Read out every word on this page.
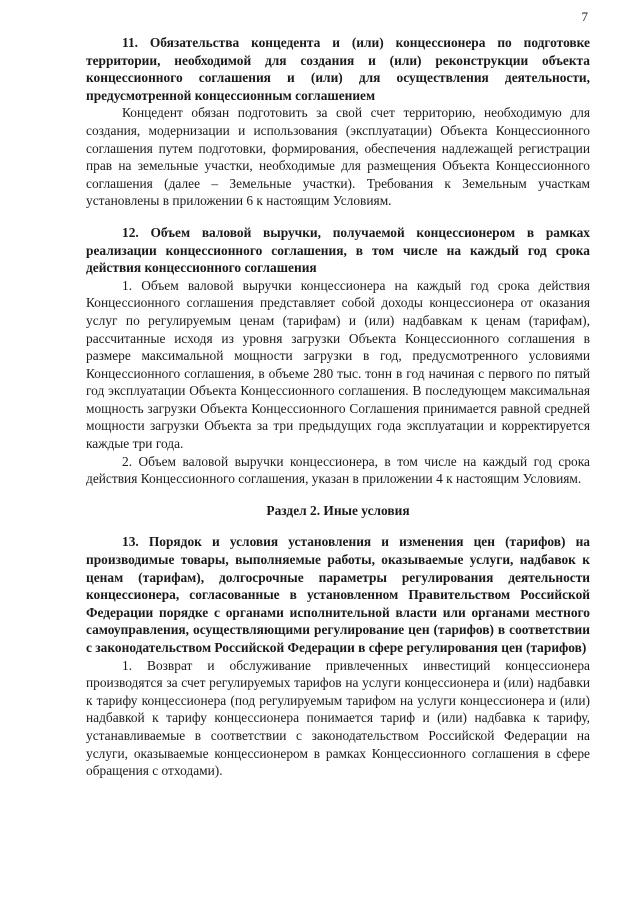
7

11. Обязательства концедента и (или) концессионера по подготовке территории, необходимой для создания и (или) реконструкции объекта концессионного соглашения и (или) для осуществления деятельности, предусмотренной концессионным соглашением

Концедент обязан подготовить за свой счет территорию, необходимую для создания, модернизации и использования (эксплуатации) Объекта Концессионного соглашения путем подготовки, формирования, обеспечения надлежащей регистрации прав на земельные участки, необходимые для размещения Объекта Концессионного соглашения (далее – Земельные участки). Требования к Земельным участкам установлены в приложении 6 к настоящим Условиям.

12. Объем валовой выручки, получаемой концессионером в рамках реализации концессионного соглашения, в том числе на каждый год срока действия концессионного соглашения

1. Объем валовой выручки концессионера на каждый год срока действия Концессионного соглашения представляет собой доходы концессионера от оказания услуг по регулируемым ценам (тарифам) и (или) надбавкам к ценам (тарифам), рассчитанные исходя из уровня загрузки Объекта Концессионного соглашения в размере максимальной мощности загрузки в год, предусмотренного условиями Концессионного соглашения, в объеме 280 тыс. тонн в год начиная с первого по пятый год эксплуатации Объекта Концессионного соглашения. В последующем максимальная мощность загрузки Объекта Концессионного Соглашения принимается равной средней мощности загрузки Объекта за три предыдущих года эксплуатации и корректируется каждые три года.

2. Объем валовой выручки концессионера, в том числе на каждый год срока действия Концессионного соглашения, указан в приложении 4 к настоящим Условиям.

Раздел 2. Иные условия

13. Порядок и условия установления и изменения цен (тарифов) на производимые товары, выполняемые работы, оказываемые услуги, надбавок к ценам (тарифам), долгосрочные параметры регулирования деятельности концессионера, согласованные в установленном Правительством Российской Федерации порядке с органами исполнительной власти или органами местного самоуправления, осуществляющими регулирование цен (тарифов) в соответствии с законодательством Российской Федерации в сфере регулирования цен (тарифов)

1. Возврат и обслуживание привлеченных инвестиций концессионера производятся за счет регулируемых тарифов на услуги концессионера и (или) надбавки к тарифу концессионера (под регулируемым тарифом на услуги концессионера и (или) надбавкой к тарифу концессионера понимается тариф и (или) надбавка к тарифу, устанавливаемые в соответствии с законодательством Российской Федерации на услуги, оказываемые концессионером в рамках Концессионного соглашения в сфере обращения с отходами).
